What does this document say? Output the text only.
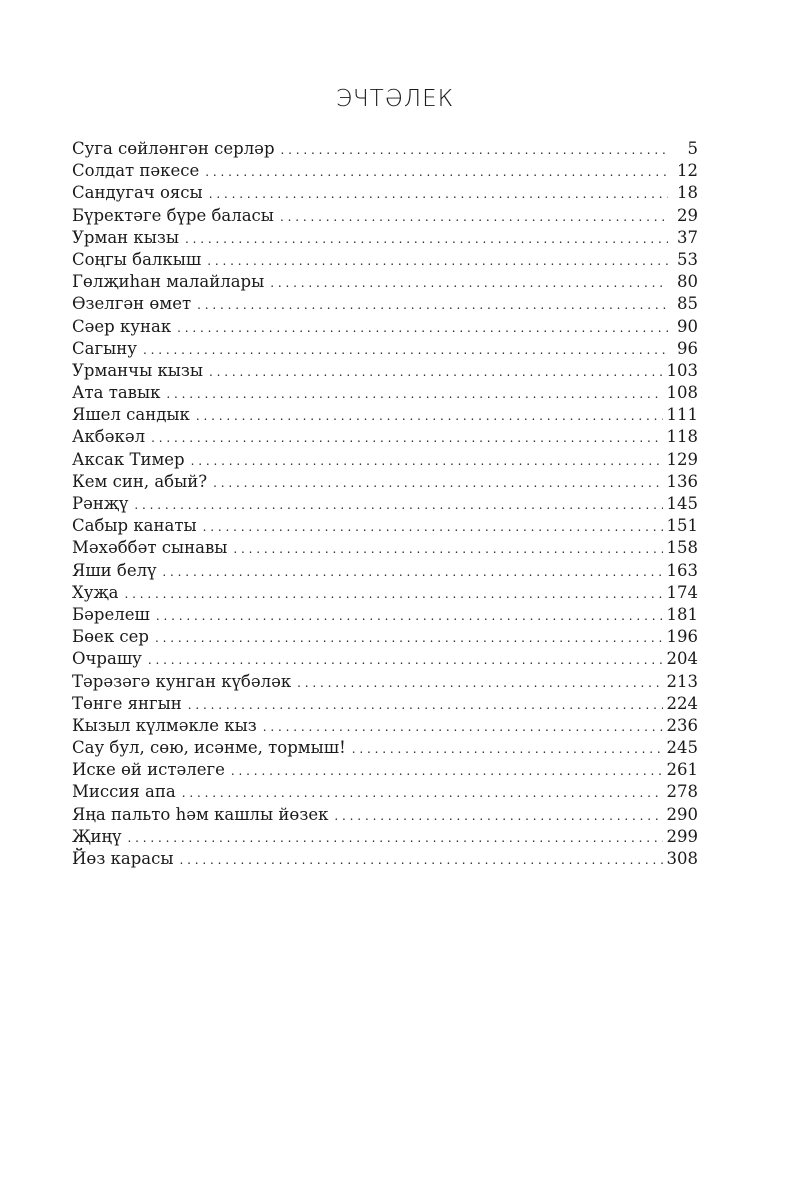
ЭЧТӘЛЕК
Суга сөйләнгән серләр . . .	5
Солдат пәкесе . . .	12
Сандугач оясы . . .	18
Бүректәге бүре баласы . . .	29
Урман кызы . . .	37
Соңгы балкыш . . .	53
Гөлҗиһан малайлары . . .	80
Өзелгән өмет . . .	85
Сәер кунак . . .	90
Сагыну . . .	96
Урманчы кызы . . .	103
Ата тавык . . .	108
Яшел сандык . . .	111
Акбәкәл . . .	118
Аксак Тимер . . .	129
Кем син, абый? . . .	136
Рәнҗү . . .	145
Сабыр канаты . . .	151
Мәхәббәт сынавы . . .	158
Яши белү . . .	163
Хуҗа . . .	174
Бәрелеш . . .	181
Бөек сер . . .	196
Очрашу . . .	204
Тәрәзәгә кунган күбәләк . . .	213
Төнге янгын . . .	224
Кызыл күлмәкле кыз . . .	236
Сау бул, сөю, исәнме, тормыш! . . .	245
Иске өй истәлеге . . .	261
Миссия апа . . .	278
Яңа пальто һәм кашлы йөзек . . .	290
Җиңү . . .	299
Йөз карасы . . .	308
